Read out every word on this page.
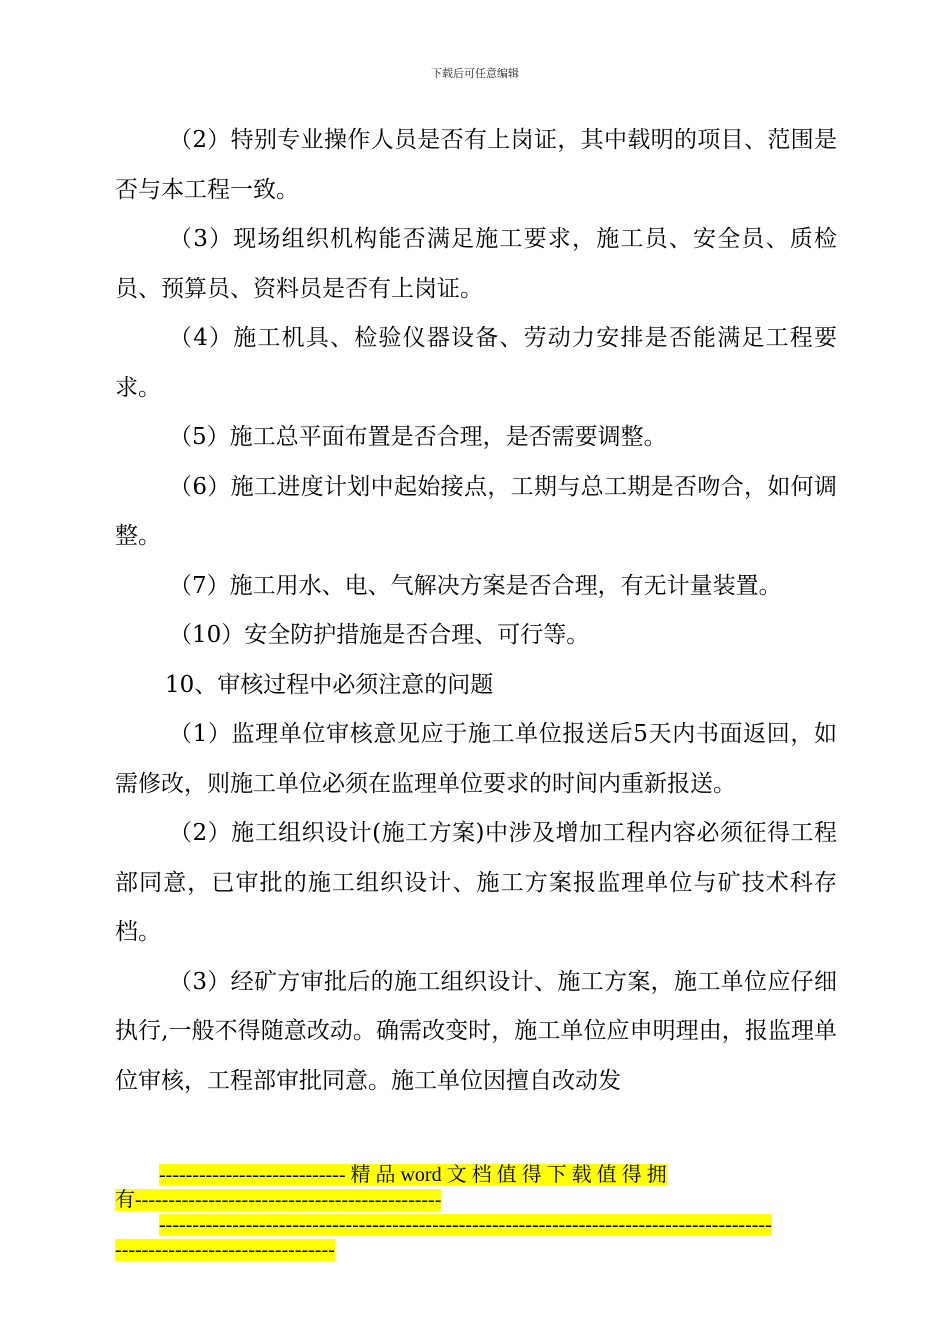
下载后可任意编辑

（2）特别专业操作人员是否有上岗证，其中载明的项目、范围是否与本工程一致。

（3）现场组织机构能否满足施工要求，施工员、安全员、质检员、预算员、资料员是否有上岗证。

（4）施工机具、检验仪器设备、劳动力安排是否能满足工程要求。

（5）施工总平面布置是否合理，是否需要调整。

（6）施工进度计划中起始接点，工期与总工期是否吻合，如何调整。

（7）施工用水、电、气解决方案是否合理，有无计量装置。

（10）安全防护措施是否合理、可行等。

10、审核过程中必须注意的问题

（1）监理单位审核意见应于施工单位报送后5天内书面返回，如需修改，则施工单位必须在监理单位要求的时间内重新报送。

（2）施工组织设计(施工方案)中涉及增加工程内容必须征得工程部同意，已审批的施工组织设计、施工方案报监理单位与矿技术科存档。

（3）经矿方审批后的施工组织设计、施工方案，施工单位应仔细执行,一般不得随意改动。确需改变时，施工单位应申明理由，报监理单位审核，工程部审批同意。施工单位因擅自改动发

---------------------------- 精 品 word 文 档 值 得 下 载 值 得 拥

有----------------------------------------------

--------------------------------------------------------------------------------------------

---------------------------------
